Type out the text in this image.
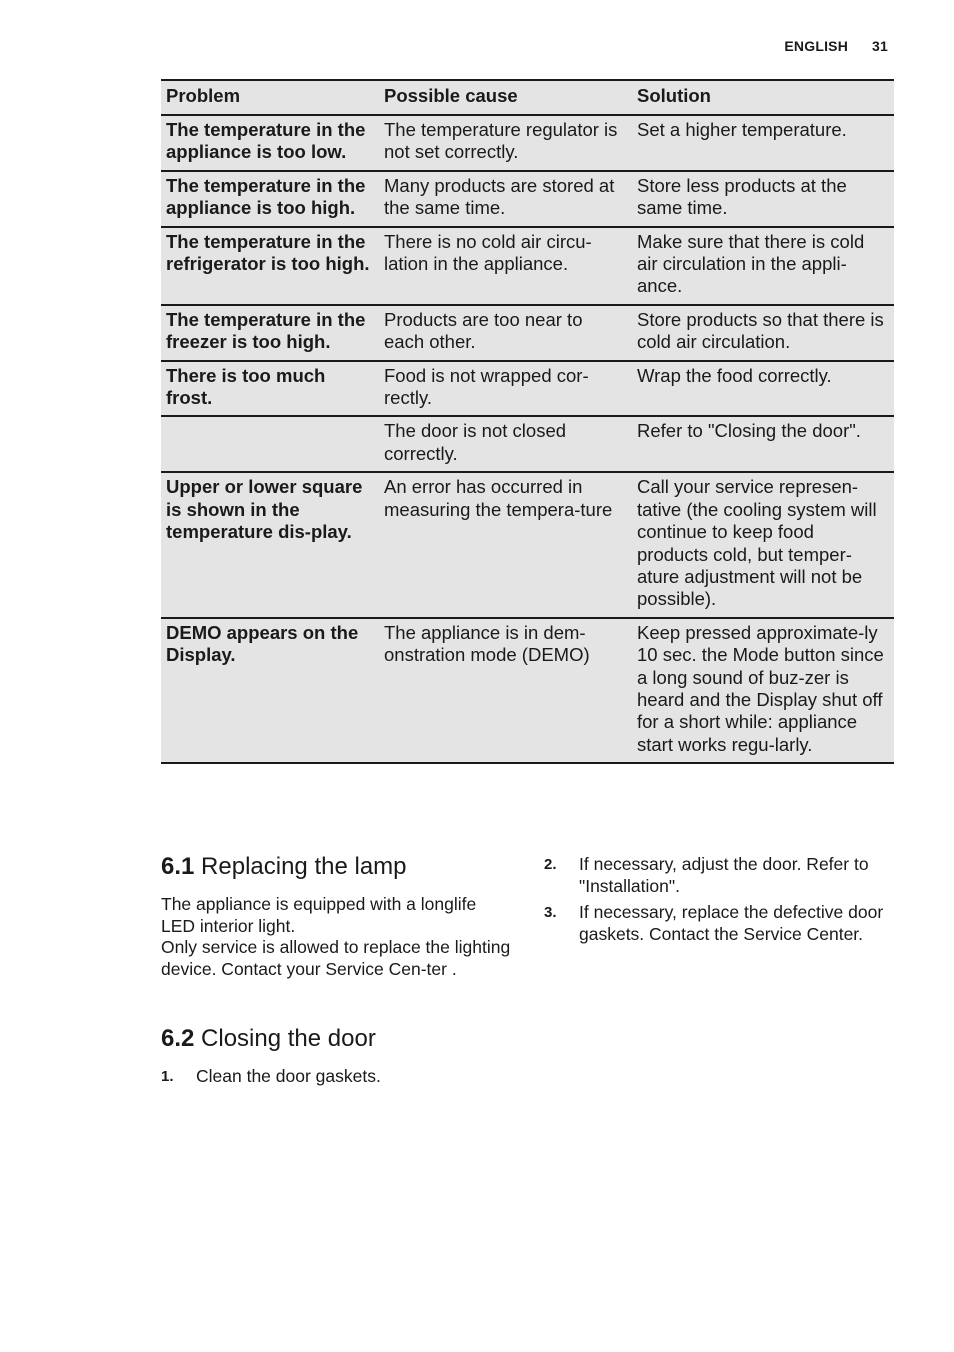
ENGLISH 31
Problem	Possible cause	Solution
The temperature in the appliance is too low.	The temperature regulator is not set correctly.	Set a higher temperature.
The temperature in the appliance is too high.	Many products are stored at the same time.	Store less products at the same time.
The temperature in the refrigerator is too high.	There is no cold air circu-lation in the appliance.	Make sure that there is cold air circulation in the appli-ance.
The temperature in the freezer is too high.	Products are too near to each other.	Store products so that there is cold air circulation.
There is too much frost.	Food is not wrapped cor-rectly.	Wrap the food correctly.
	The door is not closed correctly.	Refer to "Closing the door".
Upper or lower square is shown in the temperature dis-play.	An error has occurred in measuring the tempera-ture	Call your service represen-tative (the cooling system will continue to keep food products cold, but temper-ature adjustment will not be possible).
DEMO appears on the Display.	The appliance is in dem-onstration mode (DEMO)	Keep pressed approximate-ly 10 sec. the Mode button since a long sound of buz-zer is heard and the Display shut off for a short while: appliance start works regu-larly.
6.1 Replacing the lamp

The appliance is equipped with a longlife LED interior light.

Only service is allowed to replace the lighting device. Contact your Service Cen-ter .

6.2 Closing the door
1. Clean the door gaskets.
2. If necessary, adjust the door. Refer to "Installation".
3. If necessary, replace the defective door gaskets. Contact the Service Center.
